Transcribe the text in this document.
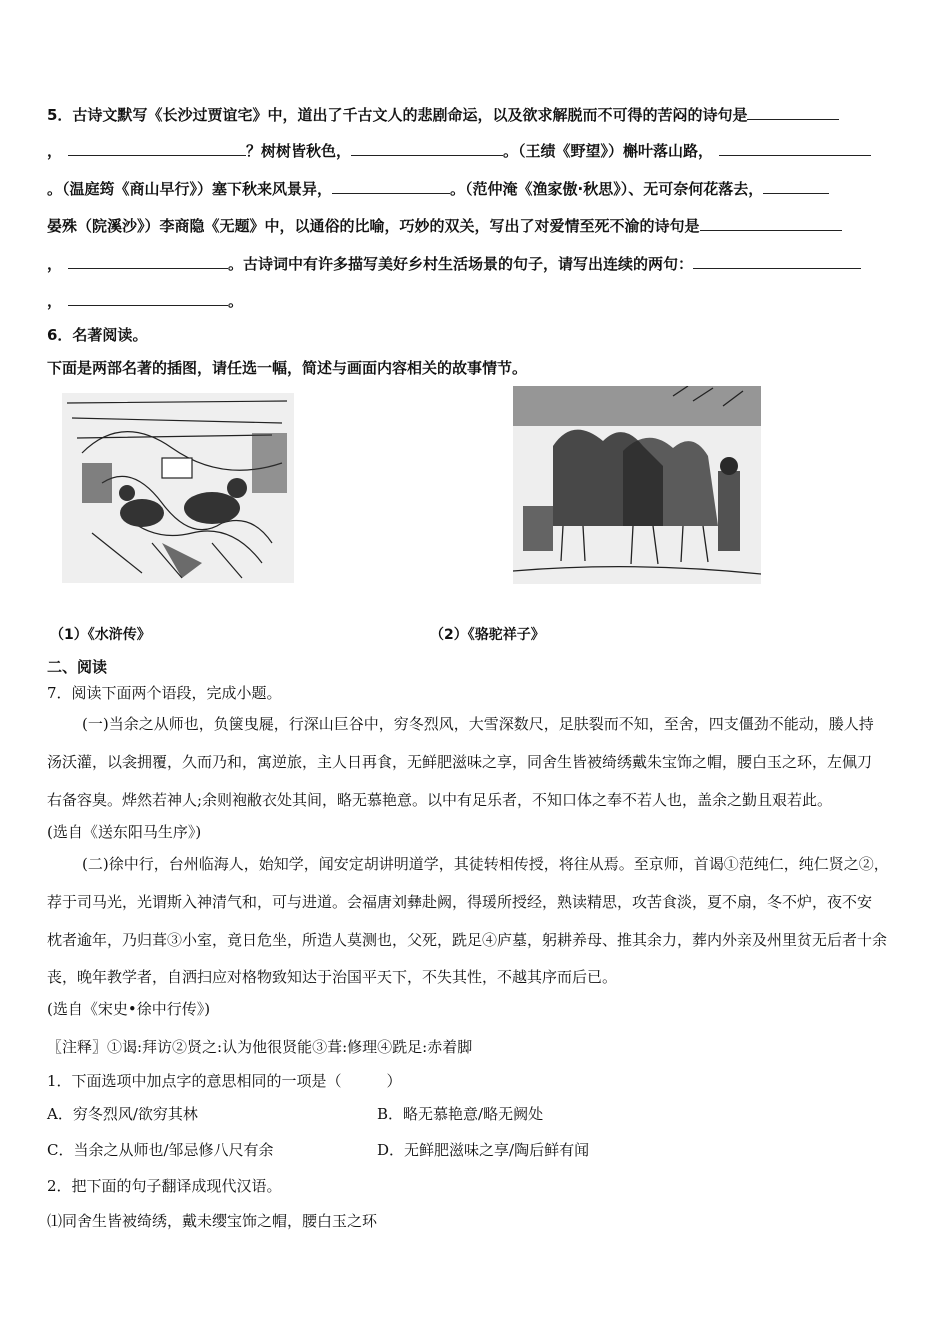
5．古诗文默写《长沙过贾谊宅》中，道出了千古文人的悲剧命运，以及欲求解脱而不可得的苦闷的诗句是
，	？树树皆秋色，	。（王绩《野望》）槲叶落山路，
。（温庭筠《商山早行》）塞下秋来风景异，	。（范仲淹《渔家傲·秋思》）、无可奈何花落去，
晏殊（院溪沙》）李商隐《无题》中，以通俗的比喻，巧妙的双关，写出了对爱情至死不渝的诗句是
，	。古诗词中有许多描写美好乡村生活场景的句子，请写出连续的两句：
，	。
6．名著阅读。
下面是两部名著的插图，请任选一幅，简述与画面内容相关的故事情节。
（1）《水浒传》	（2）《骆驼祥子》
二、阅读
7．阅读下面两个语段，完成小题。
(一)当余之从师也，负箧曳屣，行深山巨谷中，穷冬烈风，大雪深数尺，足肤裂而不知，至舍，四支僵劲不能动，媵人持
汤沃灌，以衾拥覆，久而乃和，寓逆旅，主人日再食，无鲜肥滋味之享，同舍生皆被绮绣戴朱宝饰之帽，腰白玉之环，左佩刀
右备容臭。烨然若神人;余则袍敝衣处其间，略无慕艳意。以中有足乐者，不知口体之奉不若人也，盖余之勤且艰若此。
(选自《送东阳马生序》)
(二)徐中行，台州临海人，始知学，闻安定胡讲明道学，其徒转相传授，将往从焉。至京师，首谒①范纯仁，纯仁贤之②，
荐于司马光，光谓斯入神清气和，可与进道。会福唐刘彝赴阙，得瑗所授经，熟读精思，攻苦食淡，夏不扇，冬不炉，夜不安
枕者逾年，乃归葺③小室，竟日危坐，所造人莫测也，父死，跣足④庐墓，躬耕养母、推其余力，葬内外亲及州里贫无后者十余
丧，晚年教学者，自洒扫应对格物致知达于治国平天下，不失其性，不越其序而后已。
(选自《宋史•徐中行传》)
〖注释〗①谒:拜访②贤之:认为他很贤能③葺:修理④跣足:赤着脚
1．下面选项中加点字的意思相同的一项是（　　　）
A．穷冬烈风/欲穷其林	B．略无慕艳意/略无阙处
C．当余之从师也/邹忌修八尺有余	D．无鲜肥滋味之享/陶后鲜有闻
2．把下面的句子翻译成现代汉语。
⑴同舍生皆被绮绣，戴未缨宝饰之帽，腰白玉之环
